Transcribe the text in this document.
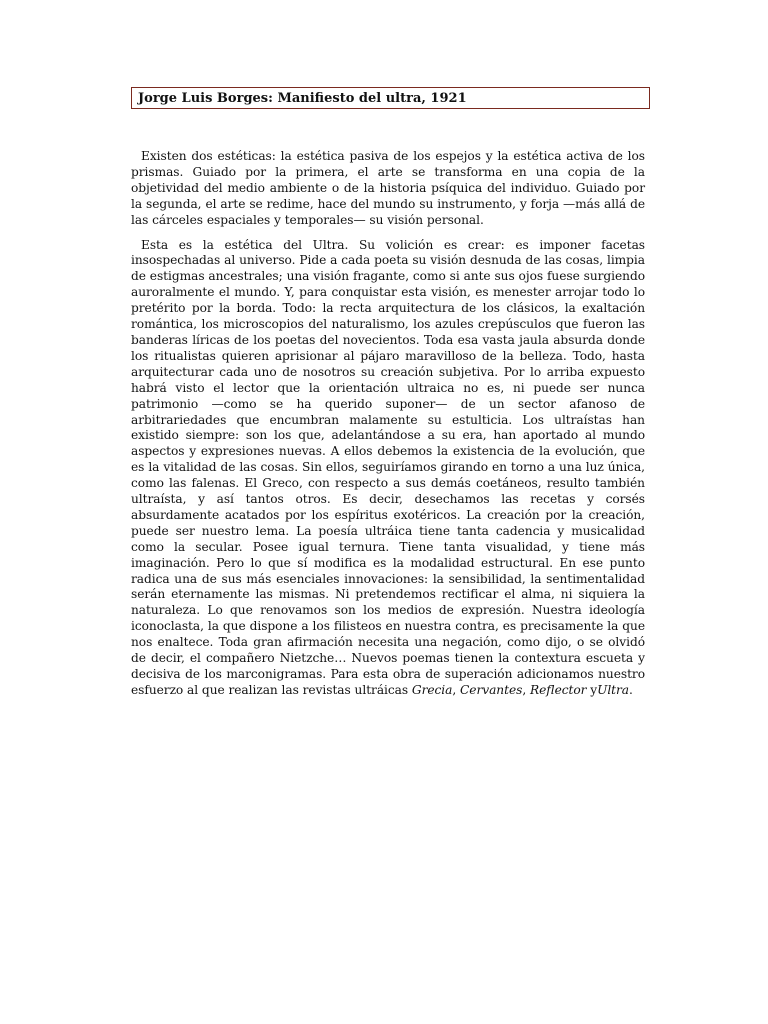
Jorge Luis Borges: Manifiesto del ultra, 1921

Existen dos estéticas: la estética pasiva de los espejos y la estética activa de los prismas. Guiado por la primera, el arte se transforma en una copia de la objetividad del medio ambiente o de la historia psíquica del individuo. Guiado por la segunda, el arte se redime, hace del mundo su instrumento, y forja —más allá de las cárceles espaciales y temporales— su visión personal.

Esta es la estética del Ultra. Su volición es crear: es imponer facetas insospechadas al universo. Pide a cada poeta su visión desnuda de las cosas, limpia de estigmas ancestrales; una visión fragante, como si ante sus ojos fuese surgiendo auroralmente el mundo. Y, para conquistar esta visión, es menester arrojar todo lo pretérito por la borda. Todo: la recta arquitectura de los clásicos, la exaltación romántica, los microscopios del naturalismo, los azules crepúsculos que fueron las banderas líricas de los poetas del novecientos. Toda esa vasta jaula absurda donde los ritualistas quieren aprisionar al pájaro maravilloso de la belleza. Todo, hasta arquitecturar cada uno de nosotros su creación subjetiva. Por lo arriba expuesto habrá visto el lector que la orientación ultraica no es, ni puede ser nunca patrimonio —como se ha querido suponer— de un sector afanoso de arbitrariedades que encumbran malamente su estulticia. Los ultraístas han existido siempre: son los que, adelantándose a su era, han aportado al mundo aspectos y expresiones nuevas. A ellos debemos la existencia de la evolución, que es la vitalidad de las cosas. Sin ellos, seguiríamos girando en torno a una luz única, como las falenas. El Greco, con respecto a sus demás coetáneos, resulto también ultraísta, y así tantos otros. Es decir, desechamos las recetas y corsés absurdamente acatados por los espíritus exotéricos. La creación por la creación, puede ser nuestro lema. La poesía ultráica tiene tanta cadencia y musicalidad como la secular. Posee igual ternura. Tiene tanta visualidad, y tiene más imaginación. Pero lo que sí modifica es la modalidad estructural. En ese punto radica una de sus más esenciales innovaciones: la sensibilidad, la sentimentalidad serán eternamente las mismas. Ni pretendemos rectificar el alma, ni siquiera la naturaleza. Lo que renovamos son los medios de expresión. Nuestra ideología iconoclasta, la que dispone a los filisteos en nuestra contra, es precisamente la que nos enaltece. Toda gran afirmación necesita una negación, como dijo, o se olvidó de decir, el compañero Nietzche… Nuevos poemas tienen la contextura escueta y decisiva de los marconigramas. Para esta obra de superación adicionamos nuestro esfuerzo al que realizan las revistas ultráicas Grecia, Cervantes, Reflector yUltra.
